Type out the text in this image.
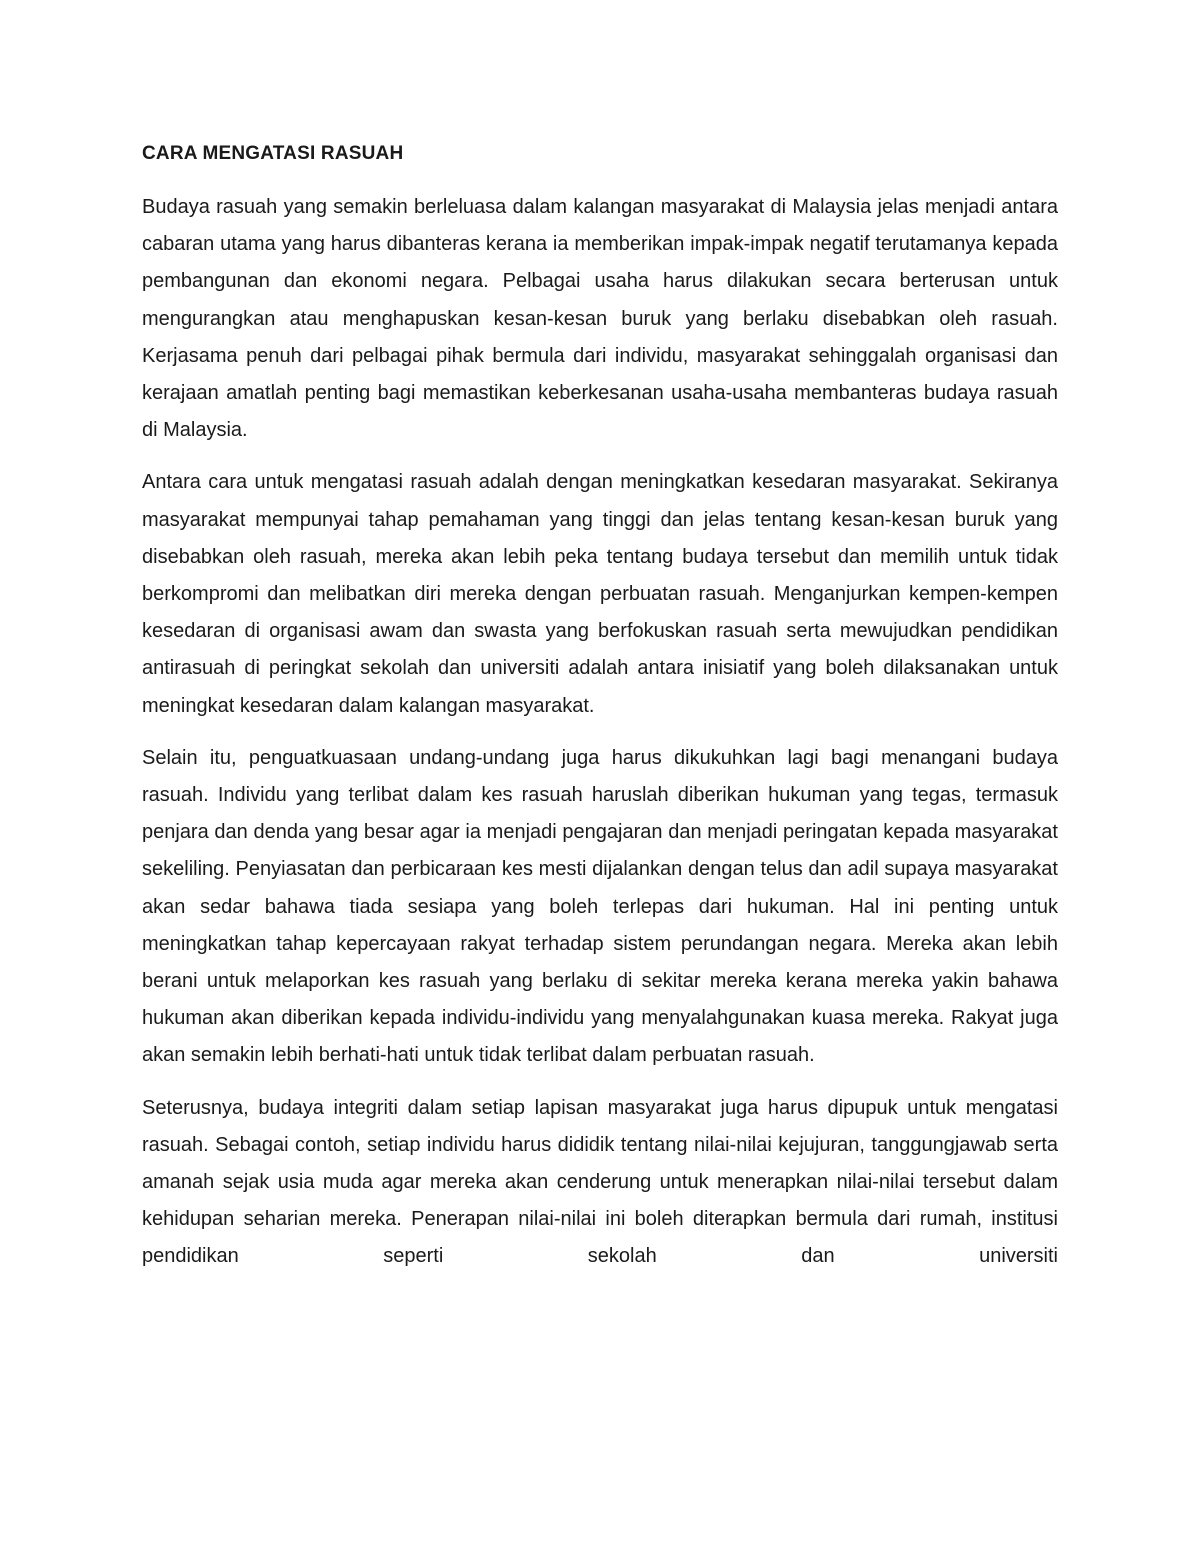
CARA MENGATASI RASUAH

Budaya rasuah yang semakin berleluasa dalam kalangan masyarakat di Malaysia jelas menjadi antara cabaran utama yang harus dibanteras kerana ia memberikan impak-impak negatif terutamanya kepada pembangunan dan ekonomi negara. Pelbagai usaha harus dilakukan secara berterusan untuk mengurangkan atau menghapuskan kesan-kesan buruk yang berlaku disebabkan oleh rasuah. Kerjasama penuh dari pelbagai pihak bermula dari individu, masyarakat sehinggalah organisasi dan kerajaan amatlah penting bagi memastikan keberkesanan usaha-usaha membanteras budaya rasuah di Malaysia.

Antara cara untuk mengatasi rasuah adalah dengan meningkatkan kesedaran masyarakat. Sekiranya masyarakat mempunyai tahap pemahaman yang tinggi dan jelas tentang kesan-kesan buruk yang disebabkan oleh rasuah, mereka akan lebih peka tentang budaya tersebut dan memilih untuk tidak berkompromi dan melibatkan diri mereka dengan perbuatan rasuah. Menganjurkan kempen-kempen kesedaran di organisasi awam dan swasta yang berfokuskan rasuah serta mewujudkan pendidikan antirasuah di peringkat sekolah dan universiti adalah antara inisiatif yang boleh dilaksanakan untuk meningkat kesedaran dalam kalangan masyarakat.

Selain itu, penguatkuasaan undang-undang juga harus dikukuhkan lagi bagi menangani budaya rasuah. Individu yang terlibat dalam kes rasuah haruslah diberikan hukuman yang tegas, termasuk penjara dan denda yang besar agar ia menjadi pengajaran dan menjadi peringatan kepada masyarakat sekeliling. Penyiasatan dan perbicaraan kes mesti dijalankan dengan telus dan adil supaya masyarakat akan sedar bahawa tiada sesiapa yang boleh terlepas dari hukuman. Hal ini penting untuk meningkatkan tahap kepercayaan rakyat terhadap sistem perundangan negara. Mereka akan lebih berani untuk melaporkan kes rasuah yang berlaku di sekitar mereka kerana mereka yakin bahawa hukuman akan diberikan kepada individu-individu yang menyalahgunakan kuasa mereka. Rakyat juga akan semakin lebih berhati-hati untuk tidak terlibat dalam perbuatan rasuah.

Seterusnya, budaya integriti dalam setiap lapisan masyarakat juga harus dipupuk untuk mengatasi rasuah. Sebagai contoh, setiap individu harus dididik tentang nilai-nilai kejujuran, tanggungjawab serta amanah sejak usia muda agar mereka akan cenderung untuk menerapkan nilai-nilai tersebut dalam kehidupan seharian mereka. Penerapan nilai-nilai ini boleh diterapkan bermula dari rumah, institusi pendidikan seperti sekolah dan universiti
